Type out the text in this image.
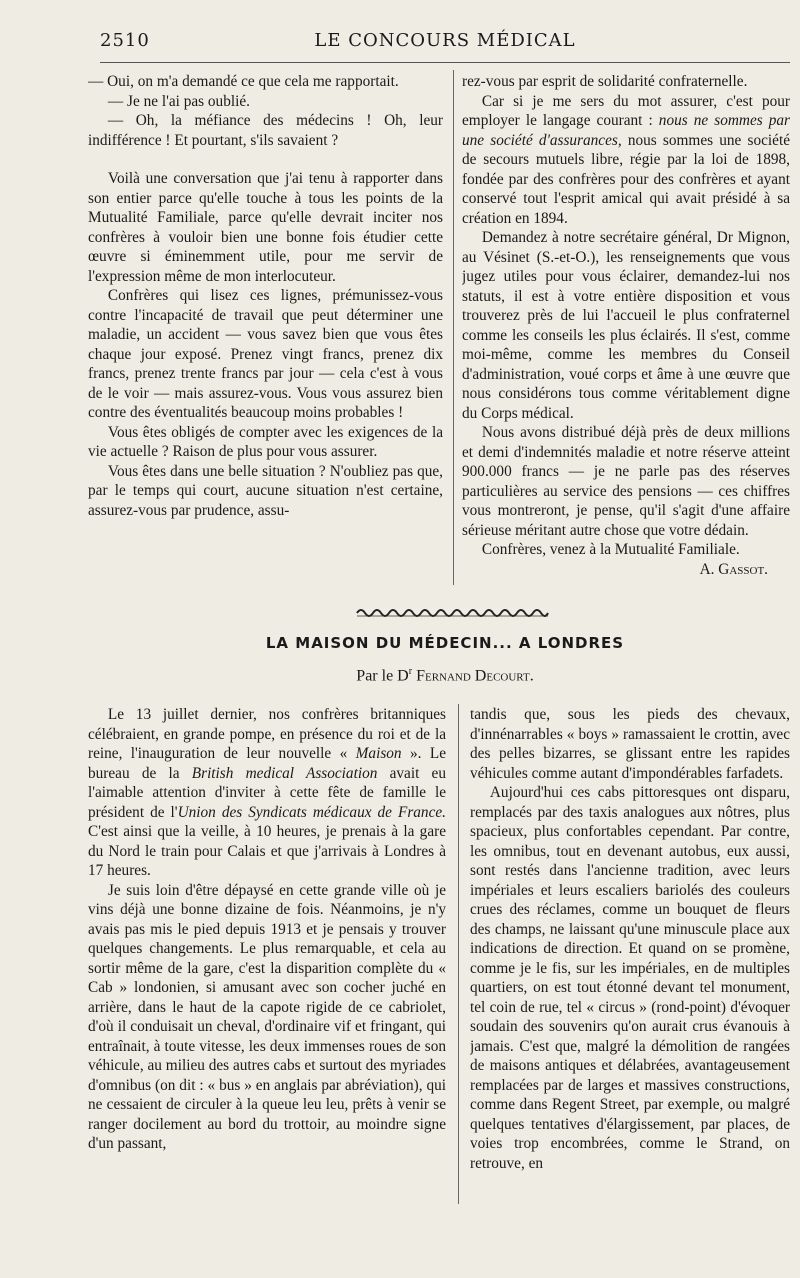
2510	LE CONCOURS MÉDICAL

— Oui, on m'a demandé ce que cela me rapportait.

— Je ne l'ai pas oublié.

— Oh, la méfiance des médecins ! Oh, leur indifférence ! Et pourtant, s'ils savaient ?

Voilà une conversation que j'ai tenu à rapporter dans son entier parce qu'elle touche à tous les points de la Mutualité Familiale, parce qu'elle devrait inciter nos confrères à vouloir bien une bonne fois étudier cette œuvre si éminemment utile, pour me servir de l'expression même de mon interlocuteur.

Confrères qui lisez ces lignes, prémunissez-vous contre l'incapacité de travail que peut déterminer une maladie, un accident — vous savez bien que vous êtes chaque jour exposé. Prenez vingt francs, prenez dix francs, prenez trente francs par jour — cela c'est à vous de le voir — mais assurez-vous. Vous vous assurez bien contre des éventualités beaucoup moins probables !

Vous êtes obligés de compter avec les exigences de la vie actuelle ? Raison de plus pour vous assurer.

Vous êtes dans une belle situation ? N'oubliez pas que, par le temps qui court, aucune situation n'est certaine, assurez-vous par prudence, assu-

rez-vous par esprit de solidarité confraternelle.

Car si je me sers du mot assurer, c'est pour employer le langage courant : nous ne sommes par une société d'assurances, nous sommes une société de secours mutuels libre, régie par la loi de 1898, fondée par des confrères pour des confrères et ayant conservé tout l'esprit amical qui avait présidé à sa création en 1894.

Demandez à notre secrétaire général, Dr Mignon, au Vésinet (S.-et-O.), les renseignements que vous jugez utiles pour vous éclairer, demandez-lui nos statuts, il est à votre entière disposition et vous trouverez près de lui l'accueil le plus confraternel comme les conseils les plus éclairés. Il s'est, comme moi-même, comme les membres du Conseil d'administration, voué corps et âme à une œuvre que nous considérons tous comme véritablement digne du Corps médical.

Nous avons distribué déjà près de deux millions et demi d'indemnités maladie et notre réserve atteint 900.000 francs — je ne parle pas des réserves particulières au service des pensions — ces chiffres vous montreront, je pense, qu'il s'agit d'une affaire sérieuse méritant autre chose que votre dédain.

Confrères, venez à la Mutualité Familiale.

A. Gassot.

LA MAISON DU MÉDECIN... A LONDRES
Par le $D^r$ Fernand Decourt.

Le 13 juillet dernier, nos confrères britanniques célébraient, en grande pompe, en présence du roi et de la reine, l'inauguration de leur nouvelle « Maison ». Le bureau de la British medical Association avait eu l'aimable attention d'inviter à cette fête de famille le président de l'Union des Syndicats médicaux de France. C'est ainsi que la veille, à 10 heures, je prenais à la gare du Nord le train pour Calais et que j'arrivais à Londres à 17 heures.

Je suis loin d'être dépaysé en cette grande ville où je vins déjà une bonne dizaine de fois. Néanmoins, je n'y avais pas mis le pied depuis 1913 et je pensais y trouver quelques changements. Le plus remarquable, et cela au sortir même de la gare, c'est la disparition complète du « Cab » londonien, si amusant avec son cocher juché en arrière, dans le haut de la capote rigide de ce cabriolet, d'où il conduisait un cheval, d'ordinaire vif et fringant, qui entraînait, à toute vitesse, les deux immenses roues de son véhicule, au milieu des autres cabs et surtout des myriades d'omnibus (on dit : « bus » en anglais par abréviation), qui ne cessaient de circuler à la queue leu leu, prêts à venir se ranger docilement au bord du trottoir, au moindre signe d'un passant,

tandis que, sous les pieds des chevaux, d'innénarrables « boys » ramassaient le crottin, avec des pelles bizarres, se glissant entre les rapides véhicules comme autant d'impondérables farfadets.

Aujourd'hui ces cabs pittoresques ont disparu, remplacés par des taxis analogues aux nôtres, plus spacieux, plus confortables cependant. Par contre, les omnibus, tout en devenant autobus, eux aussi, sont restés dans l'ancienne tradition, avec leurs impériales et leurs escaliers bariolés des couleurs crues des réclames, comme un bouquet de fleurs des champs, ne laissant qu'une minuscule place aux indications de direction. Et quand on se promène, comme je le fis, sur les impériales, en de multiples quartiers, on est tout étonné devant tel monument, tel coin de rue, tel « circus » (rond-point) d'évoquer soudain des souvenirs qu'on aurait crus évanouis à jamais. C'est que, malgré la démolition de rangées de maisons antiques et délabrées, avantageusement remplacées par de larges et massives constructions, comme dans Regent Street, par exemple, ou malgré quelques tentatives d'élargissement, par places, de voies trop encombrées, comme le Strand, on retrouve, en
